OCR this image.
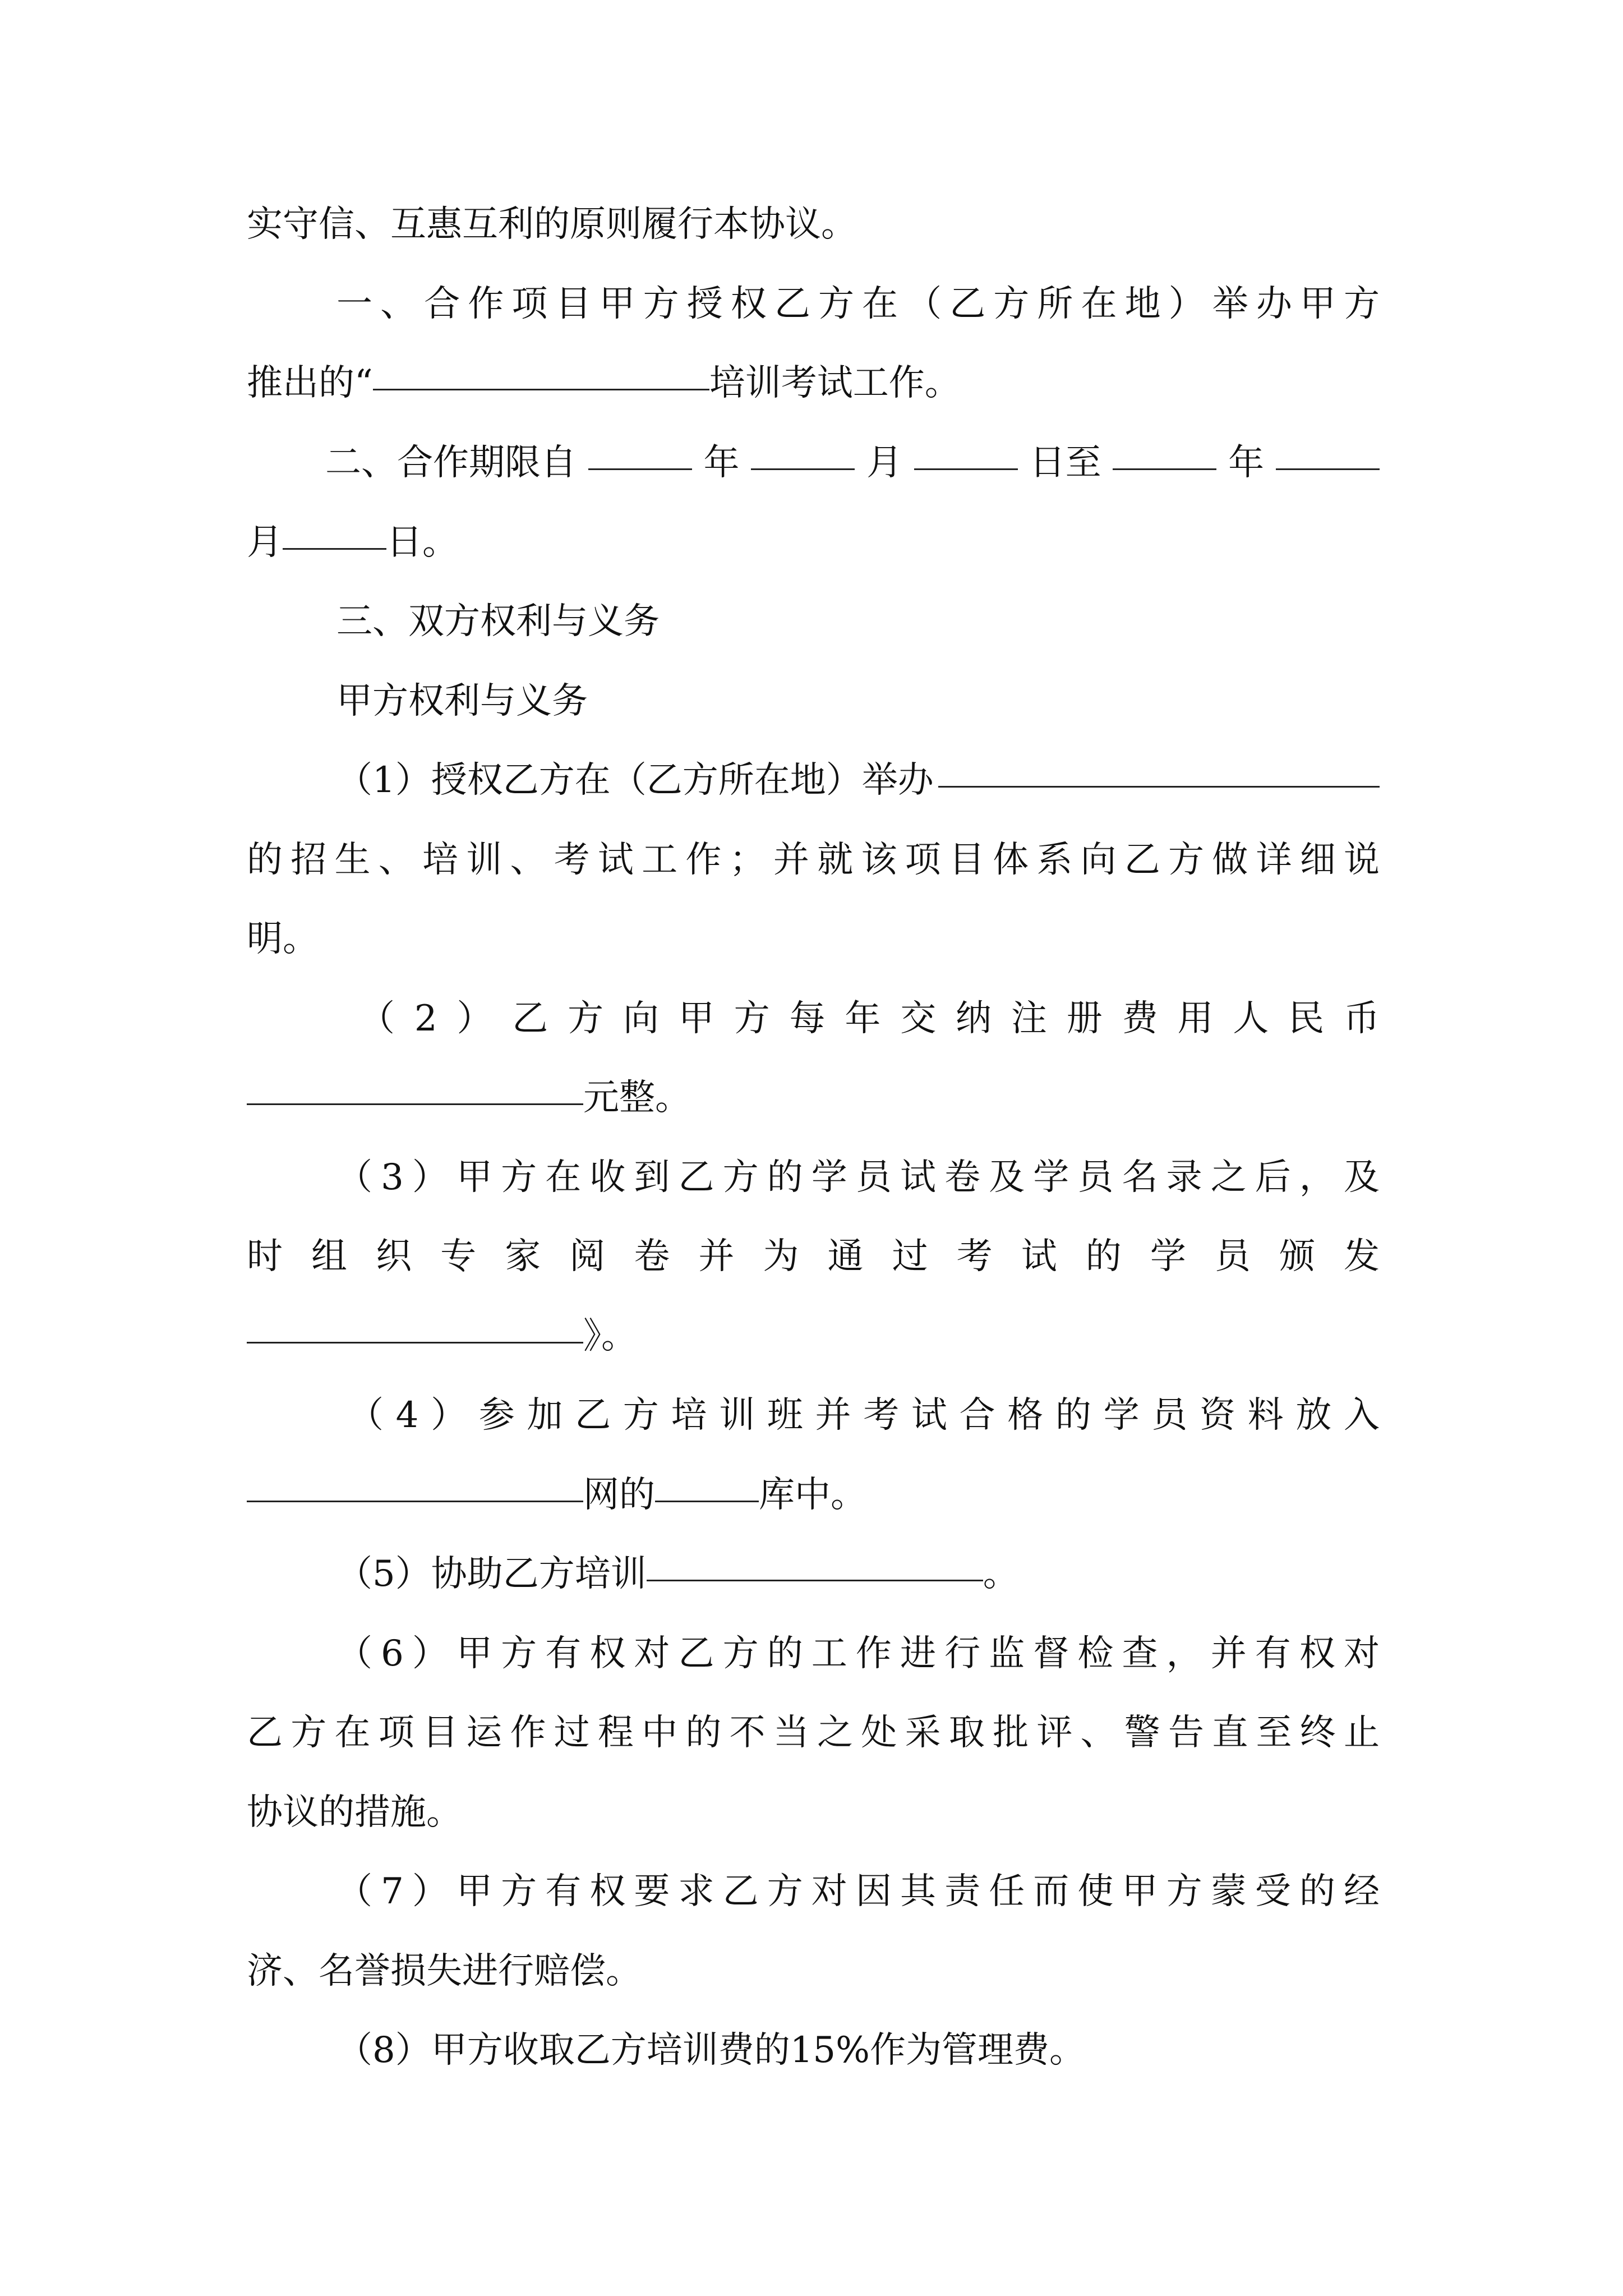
实守信、互惠互利的原则履行本协议。
一、合作项目甲方授权乙方在（乙方所在地）举办甲方
推出的“	培训考试工作。
二、合作期限自	年	月	日至	年
月	日。
三、双方权利与义务
甲方权利与义务
（1）授权乙方在（乙方所在地）举办
的招生、培训、考试工作；并就该项目体系向乙方做详细说
明。
（2）乙方向甲方每年交纳注册费用人民币
元整。
（3）甲方在收到乙方的学员试卷及学员名录之后，及
时组织专家阅卷并为通过考试的学员颁发
》。
（4）参加乙方培训班并考试合格的学员资料放入
网的	库中。
（5）协助乙方培训	。
（6）甲方有权对乙方的工作进行监督检查，并有权对
乙方在项目运作过程中的不当之处采取批评、警告直至终止
协议的措施。
（7）甲方有权要求乙方对因其责任而使甲方蒙受的经
济、名誉损失进行赔偿。
（8）甲方收取乙方培训费的15%作为管理费。
